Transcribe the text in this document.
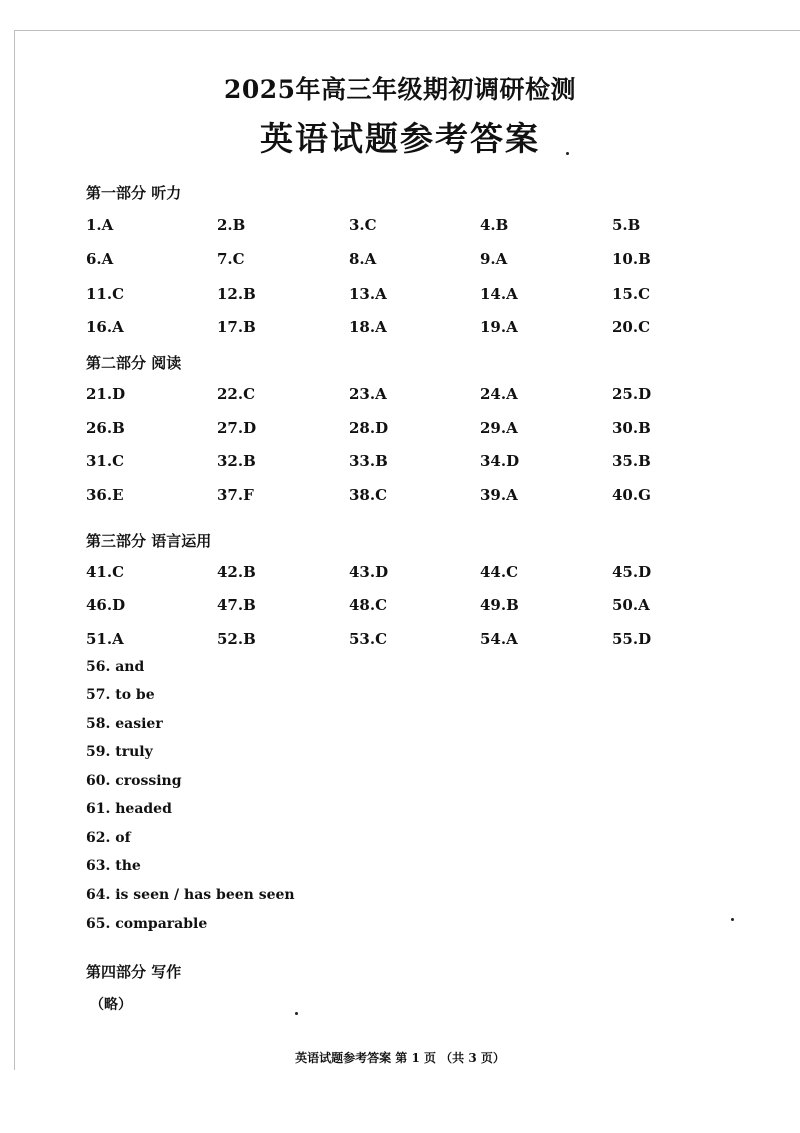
2025年高三年级期初调研检测
英语试题参考答案
第一部分 听力
1.A	2.B	3.C	4.B	5.B
6.A	7.C	8.A	9.A	10.B
11.C	12.B	13.A	14.A	15.C
16.A	17.B	18.A	19.A	20.C
第二部分 阅读
21.D	22.C	23.A	24.A	25.D
26.B	27.D	28.D	29.A	30.B
31.C	32.B	33.B	34.D	35.B
36.E	37.F	38.C	39.A	40.G
第三部分 语言运用
41.C	42.B	43.D	44.C	45.D
46.D	47.B	48.C	49.B	50.A
51.A	52.B	53.C	54.A	55.D
56. and
57. to be
58. easier
59. truly
60. crossing
61. headed
62. of
63. the
64. is seen / has been seen
65. comparable
第四部分 写作
（略）
英语试题参考答案 第 1 页 （共 3 页）
